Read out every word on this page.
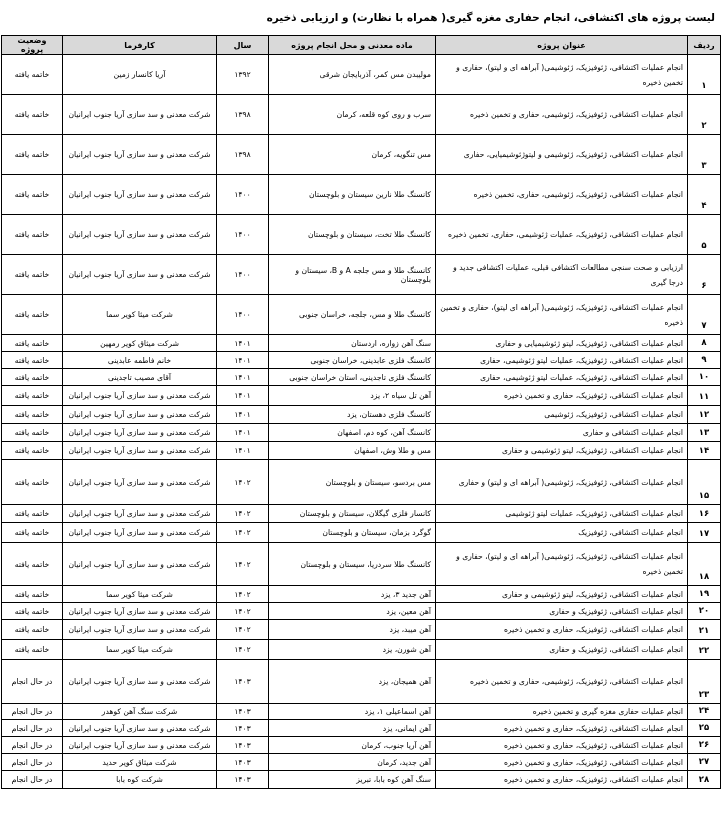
لیست پروژه های اکتشافی، انجام حفاری مغزه گیری( همراه با نظارت) و ارزیابی ذخیره
ردیف	عنوان پروژه	ماده معدنی و محل انجام پروژه	سال	کارفرما	وضعیت پروژه
۱	انجام عملیات اکتشافی، ژئوفیزیک، ژئوشیمی( آبراهه ای و لیتو)، حفاری و تخمین ذخیره	مولیبدن مس کمر، آذربایجان شرقی	۱۳۹۲	آریا کانسار زمین	خاتمه یافته
۲	انجام عملیات اکتشافی، ژئوفیزیک، ژئوشیمی، حفاری و تخمین ذخیره	سرب و روی کوه قلعه، کرمان	۱۳۹۸	شرکت معدنی و سد سازی آریا جنوب ایرانیان	خاتمه یافته
۳	انجام عملیات اکتشافی، ژئوفیزیک، ژئوشیمی و لیتوژئوشیمیایی، حفاری	مس تنگویه، کرمان	۱۳۹۸	شرکت معدنی و سد سازی آریا جنوب ایرانیان	خاتمه یافته
۴	انجام عملیات اکتشافی، ژئوفیزیک، ژئوشیمی، حفاری، تخمین ذخیره	کانسنگ طلا نارین سیستان و بلوچستان	۱۴۰۰	شرکت معدنی و سد سازی آریا جنوب ایرانیان	خاتمه یافته
۵	انجام عملیات اکتشافی، ژئوفیزیک، عملیات ژئوشیمی، حفاری، تخمین ذخیره	کانسنگ طلا تخت، سیستان و بلوچستان	۱۴۰۰	شرکت معدنی و سد سازی آریا جنوب ایرانیان	خاتمه یافته
۶	ارزیابی و صحت سنجی مطالعات اکتشافی قبلی، عملیات اکتشافی جدید و درجا گیری	کانسنگ طلا و مس جلجه A و B، سیستان و بلوچستان	۱۴۰۰	شرکت معدنی و سد سازی آریا جنوب ایرانیان	خاتمه یافته
۷	انجام عملیات اکتشافی، ژئوفیزیک، ژئوشیمی( آبراهه ای لیتو)، حفاری و تخمین ذخیره	کانسنگ طلا و مس، جلجه، خراسان جنوبی	۱۴۰۰	شرکت میثا کویر سما	خاتمه یافته
۸	انجام عملیات اکتشافی، ژئوفیزیک، لیتو ژئوشیمیایی و حفاری	سنگ آهن زواره، اردستان	۱۴۰۱	شرکت میثاق کویر رمهین	خاتمه یافته
۹	انجام عملیات اکتشافی، ژئوفیزیک، عملیات لیتو ژئوشیمی، حفاری	کانسنگ فلزی عابدینی، خراسان جنوبی	۱۴۰۱	خانم فاطمه عابدینی	خاتمه یافته
۱۰	انجام عملیات اکتشافی، ژئوفیزیک، عملیات لیتو ژئوشیمی، حفاری	کانسنگ فلزی تاجدینی، استان خراسان جنوبی	۱۴۰۱	آقای مصیب تاجدینی	خاتمه یافته
۱۱	انجام عملیات اکتشافی، ژئوفیزیک، حفاری و تخمین ذخیره	آهن تل سیاه ۲، یزد	۱۴۰۱	شرکت معدنی و سد سازی آریا جنوب ایرانیان	خاتمه یافته
۱۲	انجام عملیات اکتشافی، ژئوفیزیک، ژئوشیمی	کانسنگ فلزی دهستان، یزد	۱۴۰۱	شرکت معدنی و سد سازی آریا جنوب ایرانیان	خاتمه یافته
۱۳	انجام عملیات اکتشافی و حفاری	کانسنگ آهن، کوه دم، اصفهان	۱۴۰۱	شرکت معدنی و سد سازی آریا جنوب ایرانیان	خاتمه یافته
۱۴	انجام عملیات اکتشافی، ژئوفیزیک، لیتو ژئوشیمی و حفاری	مس و طلا وش، اصفهان	۱۴۰۱	شرکت معدنی و سد سازی آریا جنوب ایرانیان	خاتمه یافته
۱۵	انجام عملیات اکتشافی، ژئوفیزیک، ژئوشیمی( آبراهه ای و لیتو) و حفاری	مس بردسو، سیستان و بلوچستان	۱۴۰۲	شرکت معدنی و سد سازی آریا جنوب ایرانیان	خاتمه یافته
۱۶	انجام عملیات اکتشافی، ژئوفیزیک، عملیات لیتو ژئوشیمی	کانسار فلزی گیگلان، سیستان و بلوچستان	۱۴۰۲	شرکت معدنی و سد سازی آریا جنوب ایرانیان	خاتمه یافته
۱۷	انجام عملیات اکتشافی، ژئوفیزیک	گوگرد بزمان، سیستان و بلوچستان	۱۴۰۲	شرکت معدنی و سد سازی آریا جنوب ایرانیان	خاتمه یافته
۱۸	انجام عملیات اکتشافی، ژئوفیزیک، ژئوشیمی( آبراهه ای و لیتو)، حفاری و تخمین ذخیره	کانسنگ طلا سردریا، سیستان و بلوچستان	۱۴۰۲	شرکت معدنی و سد سازی آریا جنوب ایرانیان	خاتمه یافته
۱۹	انجام عملیات اکتشافی، ژئوفیزیک، لیتو ژئوشیمی و حفاری	آهن جدید ۳، یزد	۱۴۰۲	شرکت میثا کویر سما	خاتمه یافته
۲۰	انجام عملیات اکتشافی، ژئوفیزیک و حفاری	آهن معین، یزد	۱۴۰۲	شرکت معدنی و سد سازی آریا جنوب ایرانیان	خاتمه یافته
۲۱	انجام عملیات اکتشافی، ژئوفیزیک، حفاری و تخمین ذخیره	آهن میبد، یزد	۱۴۰۲	شرکت معدنی و سد سازی آریا جنوب ایرانیان	خاتمه یافته
۲۲	انجام عملیات اکتشافی، ژئوفیزیک و حفاری	آهن شورن، یزد	۱۴۰۲	شرکت میثا کویر سما	خاتمه یافته
۲۳	انجام عملیات اکتشافی، ژئوفیزیک، ژئوشیمی، حفاری و تخمین ذخیره	آهن همیجان، یزد	۱۴۰۳	شرکت معدنی و سد سازی آریا جنوب ایرانیان	در حال انجام
۲۴	انجام عملیات حفاری مغزه گیری و تخمین ذخیره	آهن اسماعیلی ۱، یزد	۱۴۰۳	شرکت سنگ آهن کوهدر	در حال انجام
۲۵	انجام عملیات اکتشافی، ژئوفیزیک، حفاری و تخمین ذخیره	آهن ایمانی، یزد	۱۴۰۳	شرکت معدنی و سد سازی آریا جنوب ایرانیان	در حال انجام
۲۶	انجام عملیات اکتشافی، ژئوفیزیک، حفاری و تخمین ذخیره	آهن آریا جنوب، کرمان	۱۴۰۳	شرکت معدنی و سد سازی آریا جنوب ایرانیان	در حال انجام
۲۷	انجام عملیات اکتشافی، ژئوفیزیک، حفاری و تخمین ذخیره	آهن جدید، کرمان	۱۴۰۳	شرکت میثاق کویر حدید	در حال انجام
۲۸	انجام عملیات اکتشافی، ژئوفیزیک، حفاری و تخمین ذخیره	سنگ آهن کوه بابا، تبریز	۱۴۰۳	شرکت کوه بابا	در حال انجام
